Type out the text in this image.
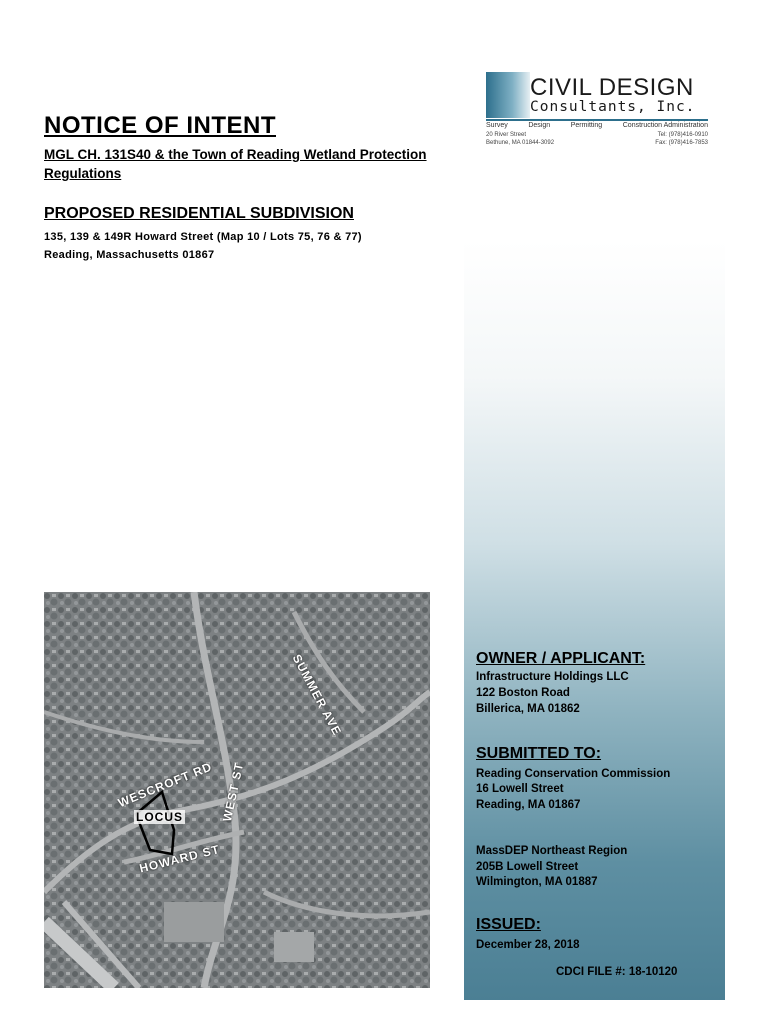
NOTICE OF INTENT
MGL CH. 131S40 & the Town of Reading Wetland Protection Regulations
PROPOSED RESIDENTIAL SUBDIVISION
135, 139 & 149R Howard Street (Map 10 / Lots 75, 76 & 77)
Reading, Massachusetts 01867
CIVIL DESIGN
Consultants, Inc.
Survey	Design	Permitting	Construction Administration
20 River Street
Bethune, MA 01844-3092
Tel: (978)416-0910
Fax: (978)416-7853
SUMMER AVE
WESCROFT RD WEST ST
LOCUS
HOWARD ST
OWNER / APPLICANT:
Infrastructure Holdings LLC
122 Boston Road
Billerica, MA 01862
SUBMITTED TO:
Reading Conservation Commission
16 Lowell Street
Reading, MA 01867
MassDEP Northeast Region
205B Lowell Street
Wilmington, MA 01887
ISSUED:
December 28, 2018
CDCI FILE #: 18-10120
